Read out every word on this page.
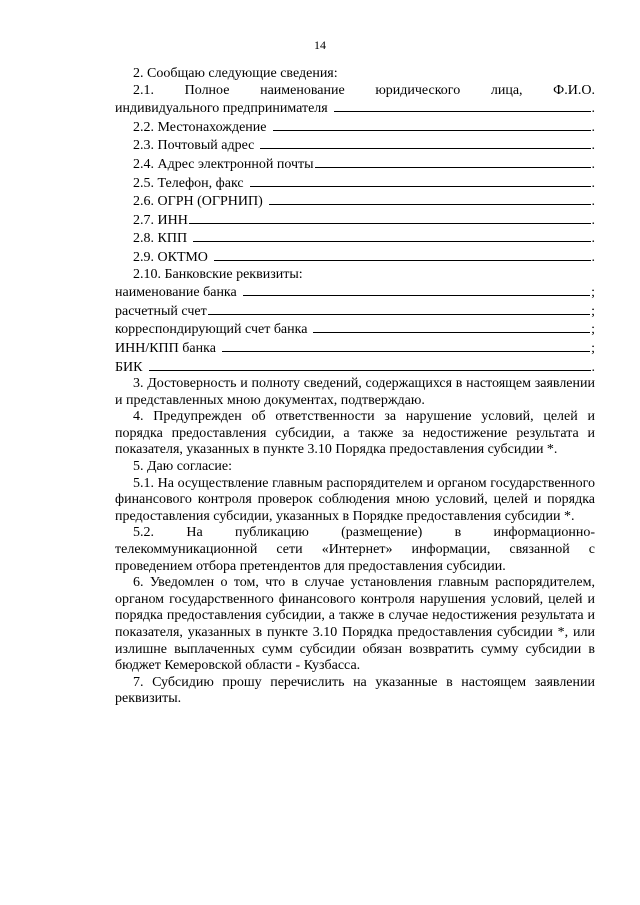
14

2. Сообщаю следующие сведения:

2.1. Полное наименование юридического лица, Ф.И.О.
индивидуального предпринимателя	.
2.2. Местонахождение	.
2.3. Почтовый адрес	.
2.4. Адрес электронной почты	.
2.5. Телефон, факс	.
2.6. ОГРН (ОГРНИП)	.
2.7. ИНН	.
2.8. КПП	.
2.9. ОКТМО	.

2.10. Банковские реквизиты:

наименование банка	;
расчетный счет	;
корреспондирующий счет банка	;
ИНН/КПП банка	;
БИК	.

3. Достоверность и полноту сведений, содержащихся в настоящем заявлении и представленных мною документах, подтверждаю.

4. Предупрежден об ответственности за нарушение условий, целей и порядка предоставления субсидии, а также за недостижение результата и показателя, указанных в пункте 3.10 Порядка предоставления субсидии *.

5. Даю согласие:

5.1. На осуществление главным распорядителем и органом государственного финансового контроля проверок соблюдения мною условий, целей и порядка предоставления субсидии, указанных в Порядке предоставления субсидии *.

5.2. На публикацию (размещение) в информационно-

телекоммуникационной сети «Интернет» информации, связанной с проведением отбора претендентов для предоставления субсидии.

6. Уведомлен о том, что в случае установления главным распорядителем, органом государственного финансового контроля нарушения условий, целей и порядка предоставления субсидии, а также в случае недостижения результата и показателя, указанных в пункте 3.10 Порядка предоставления субсидии *, или излишне выплаченных сумм субсидии обязан возвратить сумму субсидии в бюджет Кемеровской области - Кузбасса.

7. Субсидию прошу перечислить на указанные в настоящем заявлении реквизиты.
